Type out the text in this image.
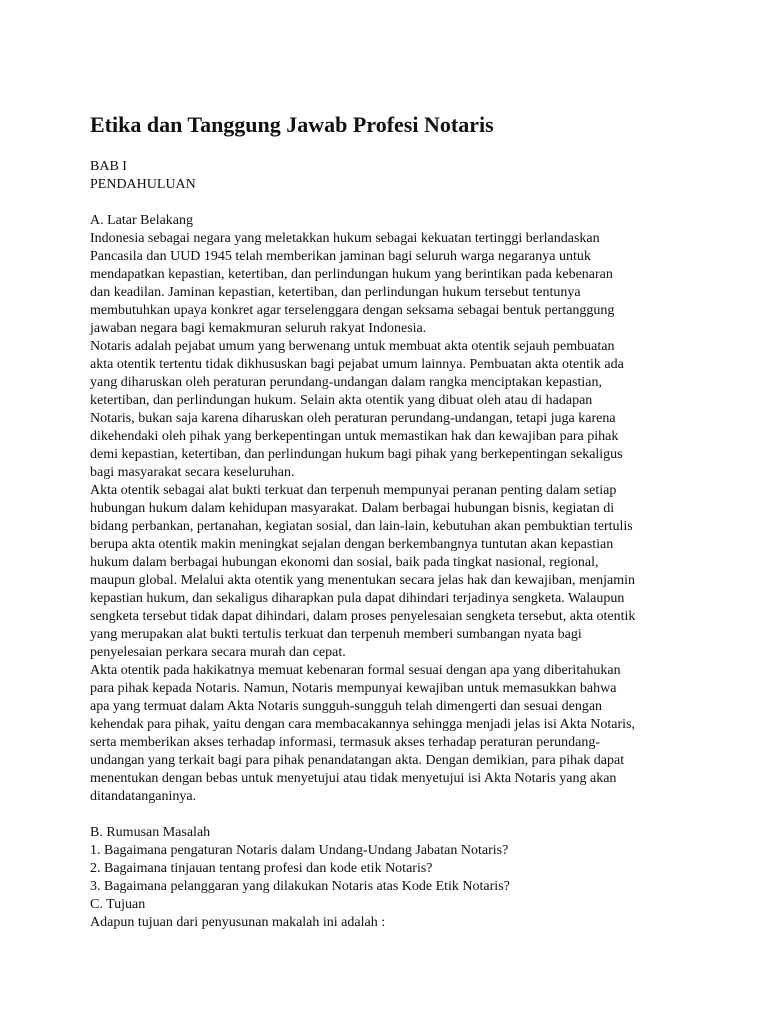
Etika dan Tanggung Jawab Profesi Notaris

BAB I

PENDAHULUAN

A. Latar Belakang

Indonesia sebagai negara yang meletakkan hukum sebagai kekuatan tertinggi berlandaskan

Pancasila dan UUD 1945 telah memberikan jaminan bagi seluruh warga negaranya untuk

mendapatkan kepastian, ketertiban, dan perlindungan hukum yang berintikan pada kebenaran

dan keadilan. Jaminan kepastian, ketertiban, dan perlindungan hukum tersebut tentunya

membutuhkan upaya konkret agar terselenggara dengan seksama sebagai bentuk pertanggung

jawaban negara bagi kemakmuran seluruh rakyat Indonesia.

Notaris adalah pejabat umum yang berwenang untuk membuat akta otentik sejauh pembuatan

akta otentik tertentu tidak dikhususkan bagi pejabat umum lainnya. Pembuatan akta otentik ada

yang diharuskan oleh peraturan perundang-undangan dalam rangka menciptakan kepastian,

ketertiban, dan perlindungan hukum. Selain akta otentik yang dibuat oleh atau di hadapan

Notaris, bukan saja karena diharuskan oleh peraturan perundang-undangan, tetapi juga karena

dikehendaki oleh pihak yang berkepentingan untuk memastikan hak dan kewajiban para pihak

demi kepastian, ketertiban, dan perlindungan hukum bagi pihak yang berkepentingan sekaligus

bagi masyarakat secara keseluruhan.

Akta otentik sebagai alat bukti terkuat dan terpenuh mempunyai peranan penting dalam setiap

hubungan hukum dalam kehidupan masyarakat. Dalam berbagai hubungan bisnis, kegiatan di

bidang perbankan, pertanahan, kegiatan sosial, dan lain-lain, kebutuhan akan pembuktian tertulis

berupa akta otentik makin meningkat sejalan dengan berkembangnya tuntutan akan kepastian

hukum dalam berbagai hubungan ekonomi dan sosial, baik pada tingkat nasional, regional,

maupun global. Melalui akta otentik yang menentukan secara jelas hak dan kewajiban, menjamin

kepastian hukum, dan sekaligus diharapkan pula dapat dihindari terjadinya sengketa. Walaupun

sengketa tersebut tidak dapat dihindari, dalam proses penyelesaian sengketa tersebut, akta otentik

yang merupakan alat bukti tertulis terkuat dan terpenuh memberi sumbangan nyata bagi

penyelesaian perkara secara murah dan cepat.

Akta otentik pada hakikatnya memuat kebenaran formal sesuai dengan apa yang diberitahukan

para pihak kepada Notaris. Namun, Notaris mempunyai kewajiban untuk memasukkan bahwa

apa yang termuat dalam Akta Notaris sungguh-sungguh telah dimengerti dan sesuai dengan

kehendak para pihak, yaitu dengan cara membacakannya sehingga menjadi jelas isi Akta Notaris,

serta memberikan akses terhadap informasi, termasuk akses terhadap peraturan perundang-

undangan yang terkait bagi para pihak penandatangan akta. Dengan demikian, para pihak dapat

menentukan dengan bebas untuk menyetujui atau tidak menyetujui isi Akta Notaris yang akan

ditandatanganinya.

B. Rumusan Masalah

1. Bagaimana pengaturan Notaris dalam Undang-Undang Jabatan Notaris?

2. Bagaimana tinjauan tentang profesi dan kode etik Notaris?

3. Bagaimana pelanggaran yang dilakukan Notaris atas Kode Etik Notaris?

C. Tujuan

Adapun tujuan dari penyusunan makalah ini adalah :
